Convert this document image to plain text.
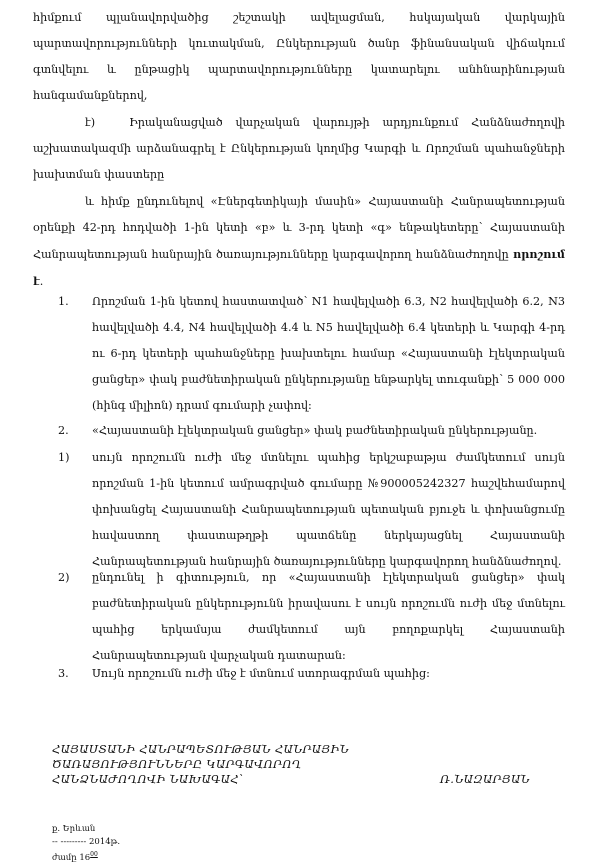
հիմքում պլանավորվածից շեշտակի ավելացման, հսկայական վարկային պարտավորությունների կուտակման, Ընկերության ծանր ֆինանսական վիճակում գտնվելու և ընթացիկ պարտավորությունները կատարելու անհնարինության հանգամանքներով,
է)	Իրականացված վարչական վարույթի արդյունքում Հանձնաժողովի աշխատակազմի արձանագրել է Ընկերության կողմից Կարգի և Որոշման պահանջների խախտման փաստերը
և հիմք ընդունելով «Էներգետիկայի մասին» Հայաստանի Հանրապետության օրենքի 42-րդ հոդվածի 1-ին կետի «բ» և 3-րդ կետի «գ» ենթակետերը՝ Հայաստանի Հանրապետության հանրային ծառայությունները կարգավորող հանձնաժողովը որոշում է.
1. Որոշման 1-ին կետով հաստատված՝ N1 հավելվածի 6.3, N2 հավելվածի 6.2, N3 հավելվածի 4.4, N4 հավելվածի 4.4 և N5 հավելվածի 6.4 կետերի և Կարգի 4-րդ ու 6-րդ կետերի պահանջները խախտելու համար «Հայաստանի էլեկտրական ցանցեր» փակ բաժնետիրական ընկերությանը ենթարկել տուգանքի՝ 5 000 000 (հինգ միլիոն) դրամ գումարի չափով:
2. «Հայաստանի էլեկտրական ցանցեր» փակ բաժնետիրական ընկերությանը.
1) սույն որոշումն ուժի մեջ մտնելու պահից երկշաբաթյա ժամկետում սույն որոշման 1-ին կետում ամրագրված գումարը №900005242327 հաշվեհամարով փոխանցել Հայաստանի Հանրապետության պետական բյուջե և փոխանցումը հավաստող փաստաթղթի պատճենը ներկայացնել Հայաստանի Հանրապետության հանրային ծառայությունները կարգավորող հանձնաժողով.
2) ընդունել ի գիտություն, որ «Հայաստանի էլեկտրական ցանցեր» փակ բաժնետիրական ընկերությունն իրավասու է սույն որոշումն ուժի մեջ մտնելու պահից երկամսյա ժամկետում այն բողոքարկել Հայաստանի Հանրապետության վարչական դատարան:
3. Սույն որոշումն ուժի մեջ է մտնում ստորագրման պահից:
ՀԱՅԱՍՏԱՆԻ ՀԱՆՐԱՊԵՏՈՒԹՅԱՆ ՀԱՆՐԱՅԻՆ
ԾԱՌԱՅՈՒԹՅՈՒՆՆԵՐԸ ԿԱՐԳԱՎՈՐՈՂ
ՀԱՆՁՆԱԺՈՂՈՎԻ ՆԱԽԱԳԱՀ՝	Ռ.ՆԱԶԱՐՅԱՆ
ք. Երևան
-- --------- 2014թ.
ժամը $16^{00}$
